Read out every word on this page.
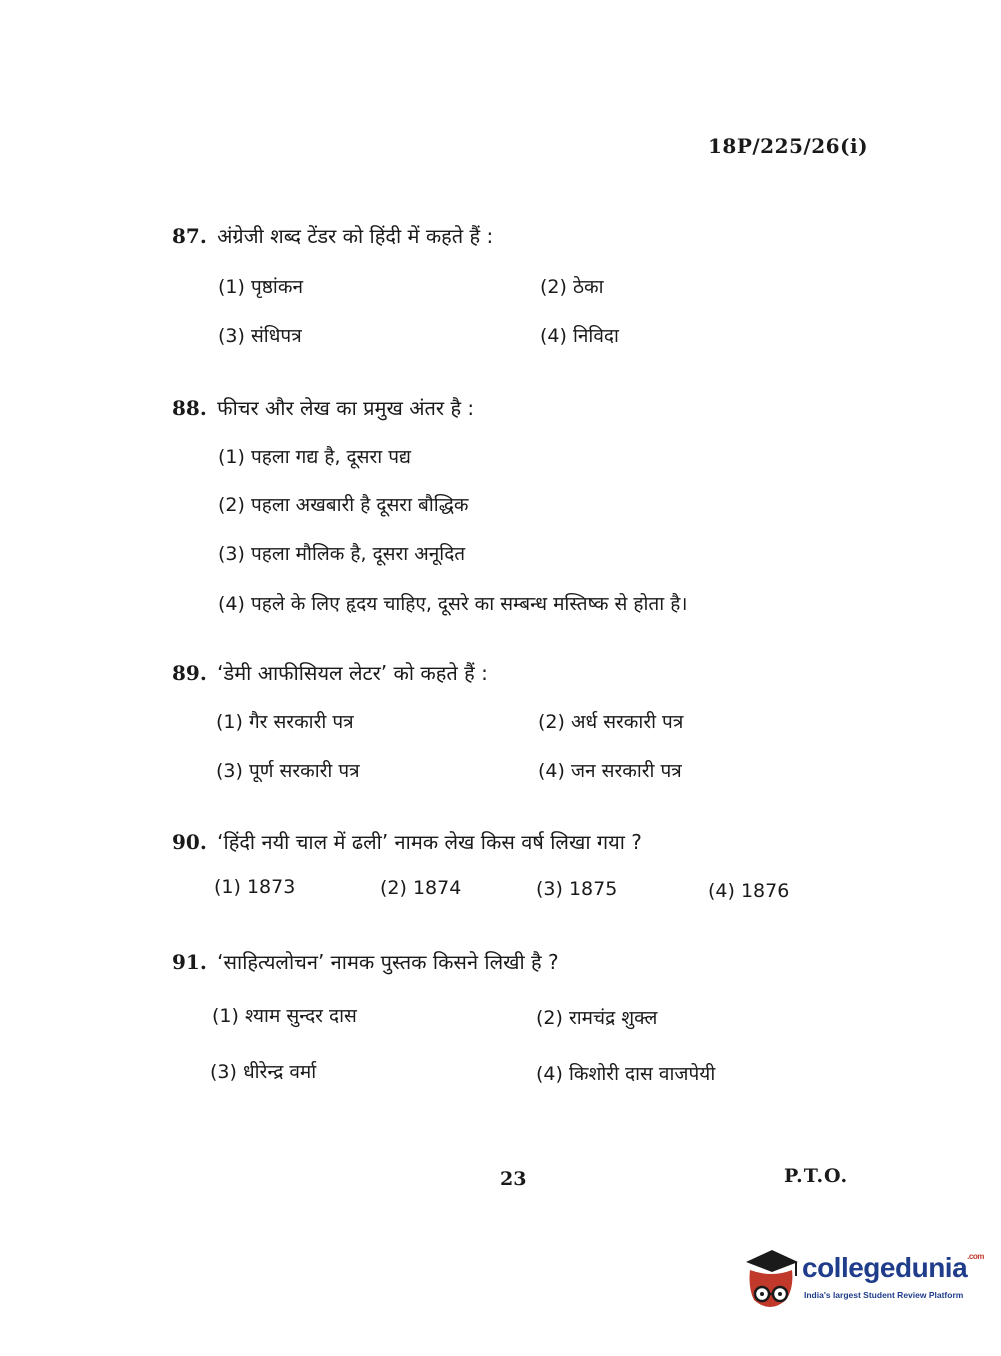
18P/225/26(i)
87. अंग्रेजी शब्द टेंडर को हिंदी में कहते हैं :
(1) पृष्ठांकन	(2) ठेका
(3) संधिपत्र	(4) निविदा
88. फीचर और लेख का प्रमुख अंतर है :
(1) पहला गद्य है, दूसरा पद्य
(2) पहला अखबारी है दूसरा बौद्धिक
(3) पहला मौलिक है, दूसरा अनूदित
(4) पहले के लिए हृदय चाहिए, दूसरे का सम्बन्ध मस्तिष्क से होता है।
89. ‘डेमी आफीसियल लेटर’ को कहते हैं :
(1) गैर सरकारी पत्र	(2) अर्ध सरकारी पत्र
(3) पूर्ण सरकारी पत्र	(4) जन सरकारी पत्र
90. ‘हिंदी नयी चाल में ढली’ नामक लेख किस वर्ष लिखा गया ?
(1) 1873	(2) 1874	(3) 1875	(4) 1876
91. ‘साहित्यलोचन’ नामक पुस्तक किसने लिखी है ?
(1) श्याम सुन्दर दास	(2) रामचंद्र शुक्ल
(3) धीरेन्द्र वर्मा	(4) किशोरी दास वाजपेयी
23	P.T.O.
collegedunia$^{.com}$
India's largest Student Review Platform
